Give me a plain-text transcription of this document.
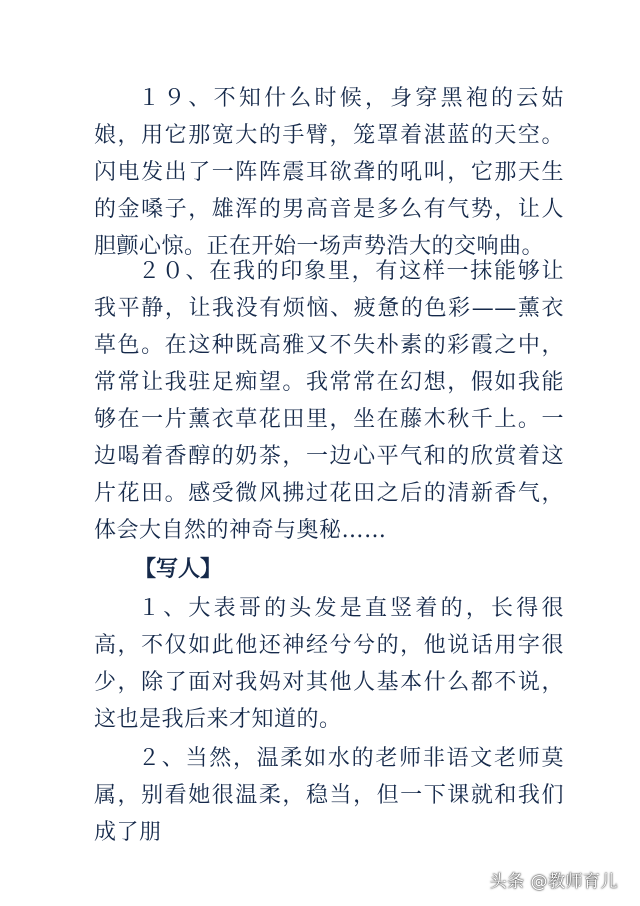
１９、不知什么时候，身穿黑袍的云姑娘，用它那宽大的手臂，笼罩着湛蓝的天空。闪电发出了一阵阵震耳欲聋的吼叫，它那天生的金嗓子，雄浑的男高音是多么有气势，让人胆颤心惊。正在开始一场声势浩大的交响曲。

２０、在我的印象里，有这样一抹能够让我平静，让我没有烦恼、疲惫的色彩——薰衣草色。在这种既高雅又不失朴素的彩霞之中，常常让我驻足痴望。我常常在幻想，假如我能够在一片薰衣草花田里，坐在藤木秋千上。一边喝着香醇的奶茶，一边心平气和的欣赏着这片花田。感受微风拂过花田之后的清新香气，体会大自然的神奇与奥秘……

【写人】

１、大表哥的头发是直竖着的，长得很高，不仅如此他还神经兮兮的，他说话用字很少，除了面对我妈对其他人基本什么都不说，这也是我后来才知道的。

２、当然，温柔如水的老师非语文老师莫属，别看她很温柔，稳当，但一下课就和我们成了朋

头条 @教师育儿
